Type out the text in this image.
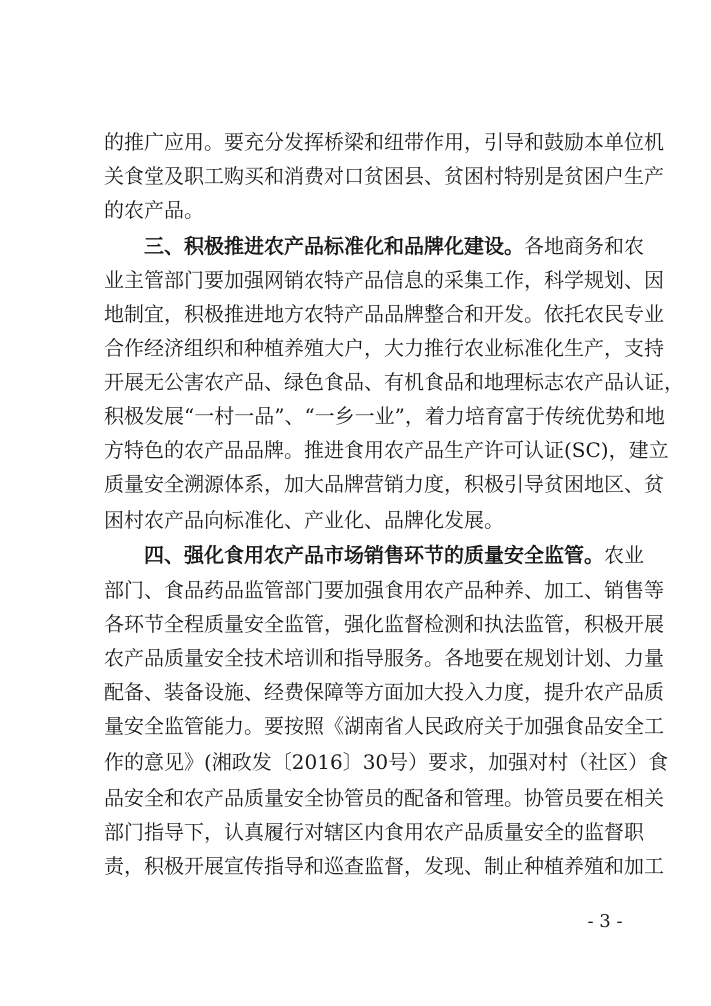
的推广应用。要充分发挥桥梁和纽带作用，引导和鼓励本单位机
关食堂及职工购买和消费对口贫困县、贫困村特别是贫困户生产
的农产品。
三、积极推进农产品标准化和品牌化建设。各地商务和农
业主管部门要加强网销农特产品信息的采集工作，科学规划、因
地制宜，积极推进地方农特产品品牌整合和开发。依托农民专业
合作经济组织和种植养殖大户，大力推行农业标准化生产，支持
开展无公害农产品、绿色食品、有机食品和地理标志农产品认证，
积极发展“一村一品”、“一乡一业”，着力培育富于传统优势和地
方特色的农产品品牌。推进食用农产品生产许可认证(SC)，建立
质量安全溯源体系，加大品牌营销力度，积极引导贫困地区、贫
困村农产品向标准化、产业化、品牌化发展。
四、强化食用农产品市场销售环节的质量安全监管。农业
部门、食品药品监管部门要加强食用农产品种养、加工、销售等
各环节全程质量安全监管，强化监督检测和执法监管，积极开展
农产品质量安全技术培训和指导服务。各地要在规划计划、力量
配备、装备设施、经费保障等方面加大投入力度，提升农产品质
量安全监管能力。要按照《湖南省人民政府关于加强食品安全工
作的意见》(湘政发〔2016〕30号）要求，加强对村（社区）食
品安全和农产品质量安全协管员的配备和管理。协管员要在相关
部门指导下，认真履行对辖区内食用农产品质量安全的监督职
责，积极开展宣传指导和巡查监督，发现、制止种植养殖和加工
- 3 -
